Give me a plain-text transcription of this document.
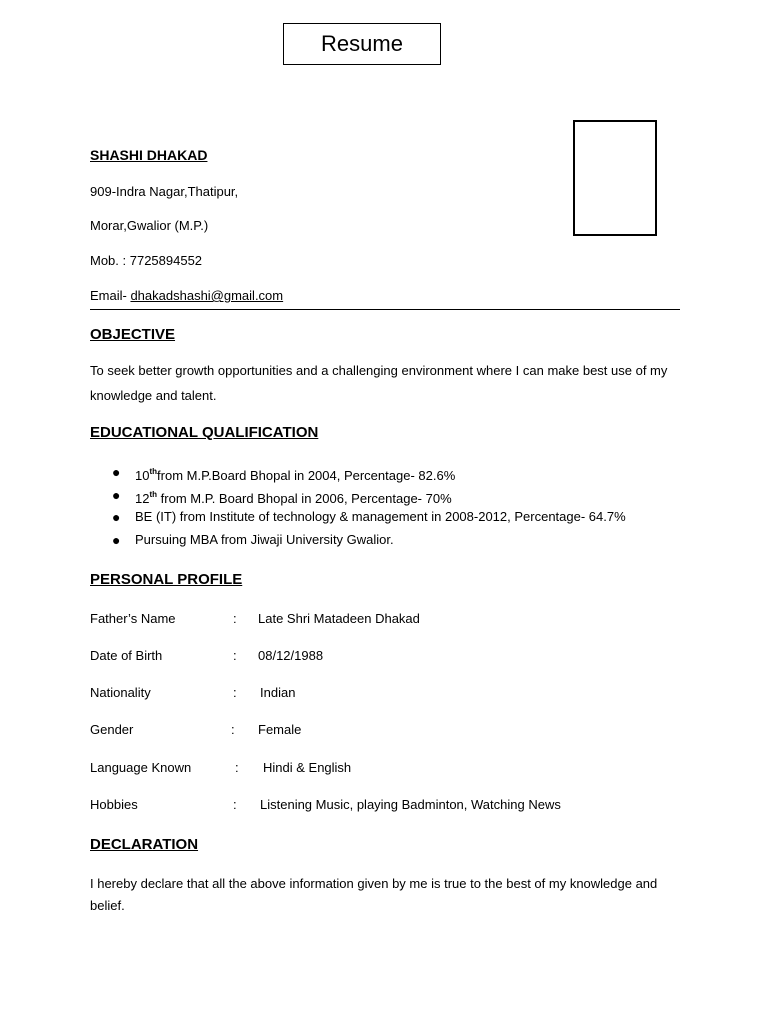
Resume
SHASHI DHAKAD
909-Indra Nagar,Thatipur,
Morar,Gwalior (M.P.)
Mob. : 7725894552
Email- dhakadshashi@gmail.com
OBJECTIVE
To seek better growth opportunities and a challenging environment where I can make best use of my knowledge and talent.
EDUCATIONAL QUALIFICATION
● 10thfrom M.P.Board Bhopal in 2004, Percentage- 82.6%
● 12th from M.P. Board Bhopal in 2006, Percentage- 70%
● BE (IT) from Institute of technology & management in 2008-2012, Percentage- 64.7%
● Pursuing MBA from Jiwaji University Gwalior.
PERSONAL PROFILE
Father’s Name	: Late Shri Matadeen Dhakad
Date of Birth	: 08/12/1988
Nationality	: Indian
Gender	: Female
Language Known	: Hindi & English
Hobbies	: Listening Music, playing Badminton, Watching News
DECLARATION
I hereby declare that all the above information given by me is true to the best of my knowledge and belief.
